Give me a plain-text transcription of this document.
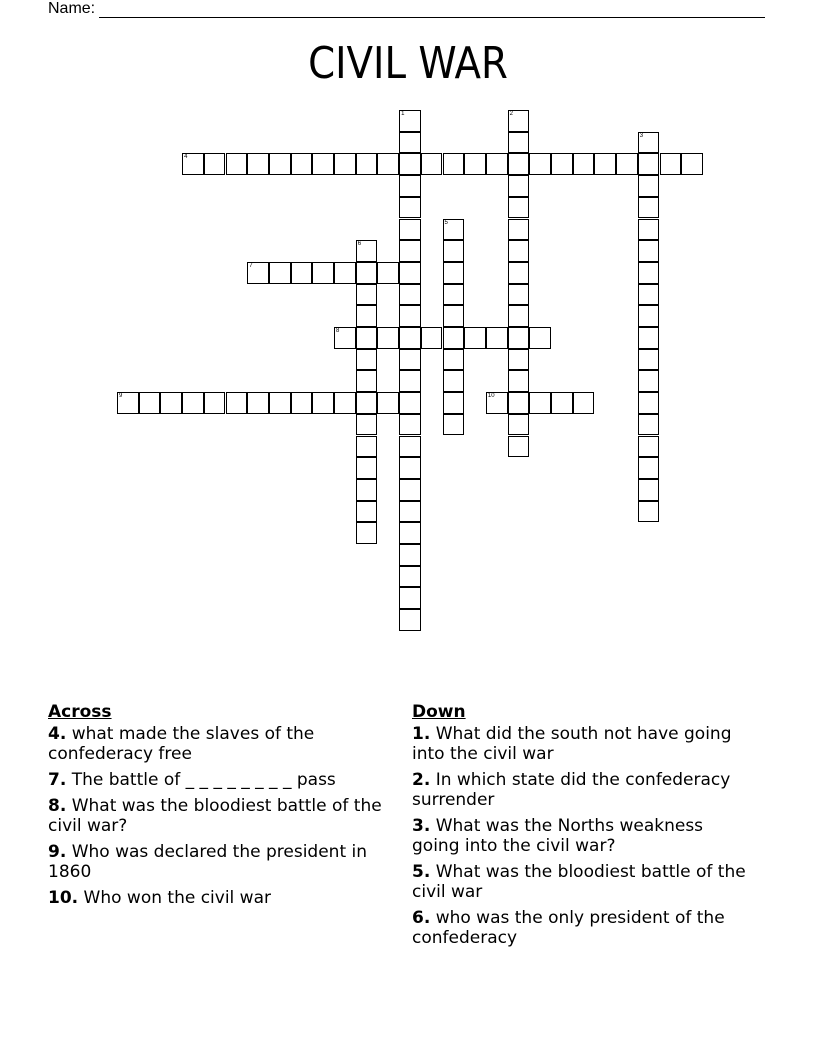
Name:
CIVIL WAR
1	2
3
4
5
6
7
8
9	10
Across
4. what made the slaves of the confederacy free
7. The battle of _ _ _ _ _ _ _ _ pass
8. What was the bloodiest battle of the civil war?
9. Who was declared the president in 1860
10. Who won the civil war
Down
1. What did the south not have going into the civil war
2. In which state did the confederacy surrender
3. What was the Norths weakness going into the civil war?
5. What was the bloodiest battle of the civil war
6. who was the only president of the confederacy
